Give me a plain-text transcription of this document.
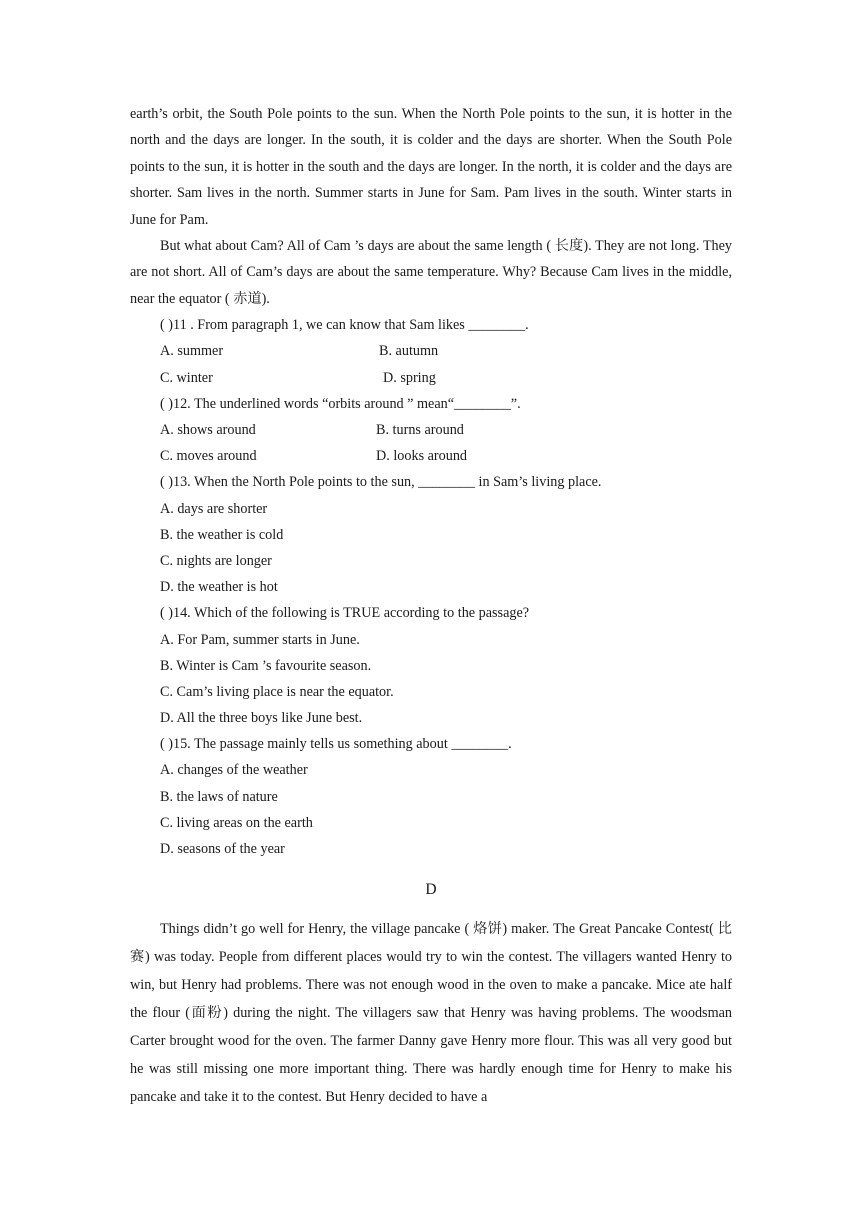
earth’s orbit, the South Pole points to the sun. When the North Pole points to the sun, it is hotter in the north and the days are longer. In the south, it is colder and the days are shorter. When the South Pole points to the sun, it is hotter in the south and the days are longer. In the north, it is colder and the days are shorter. Sam lives in the north. Summer starts in June for Sam. Pam lives in the south. Winter starts in June for Pam.

But what about Cam? All of Cam ’s days are about the same length ( 长度). They are not long. They are not short. All of Cam’s days are about the same temperature. Why? Because Cam lives in the middle, near the equator ( 赤道).

( )11 . From paragraph 1, we can know that Sam likes ________.
A. summer	B. autumn
C. winter	D. spring
( )12. The underlined words “orbits around ” mean“________”.
A. shows around	B. turns around
C. moves around	D. looks around
( )13. When the North Pole points to the sun, ________ in Sam’s living place.
A. days are shorter
B. the weather is cold
C. nights are longer
D. the weather is hot
( )14. Which of the following is TRUE according to the passage?
A. For Pam, summer starts in June.
B. Winter is Cam ’s favourite season.
C. Cam’s living place is near the equator.
D. All the three boys like June best.
( )15. The passage mainly tells us something about ________.
A. changes of the weather
B. the laws of nature
C. living areas on the earth
D. seasons of the year
D

Things didn’t go well for Henry, the village pancake ( 烙饼) maker. The Great Pancake Contest( 比赛) was today. People from different places would try to win the contest. The villagers wanted Henry to win, but Henry had problems. There was not enough wood in the oven to make a pancake. Mice ate half the flour (面粉) during the night. The villagers saw that Henry was having problems. The woodsman Carter brought wood for the oven. The farmer Danny gave Henry more flour. This was all very good but he was still missing one more important thing. There was hardly enough time for Henry to make his pancake and take it to the contest. But Henry decided to have a
